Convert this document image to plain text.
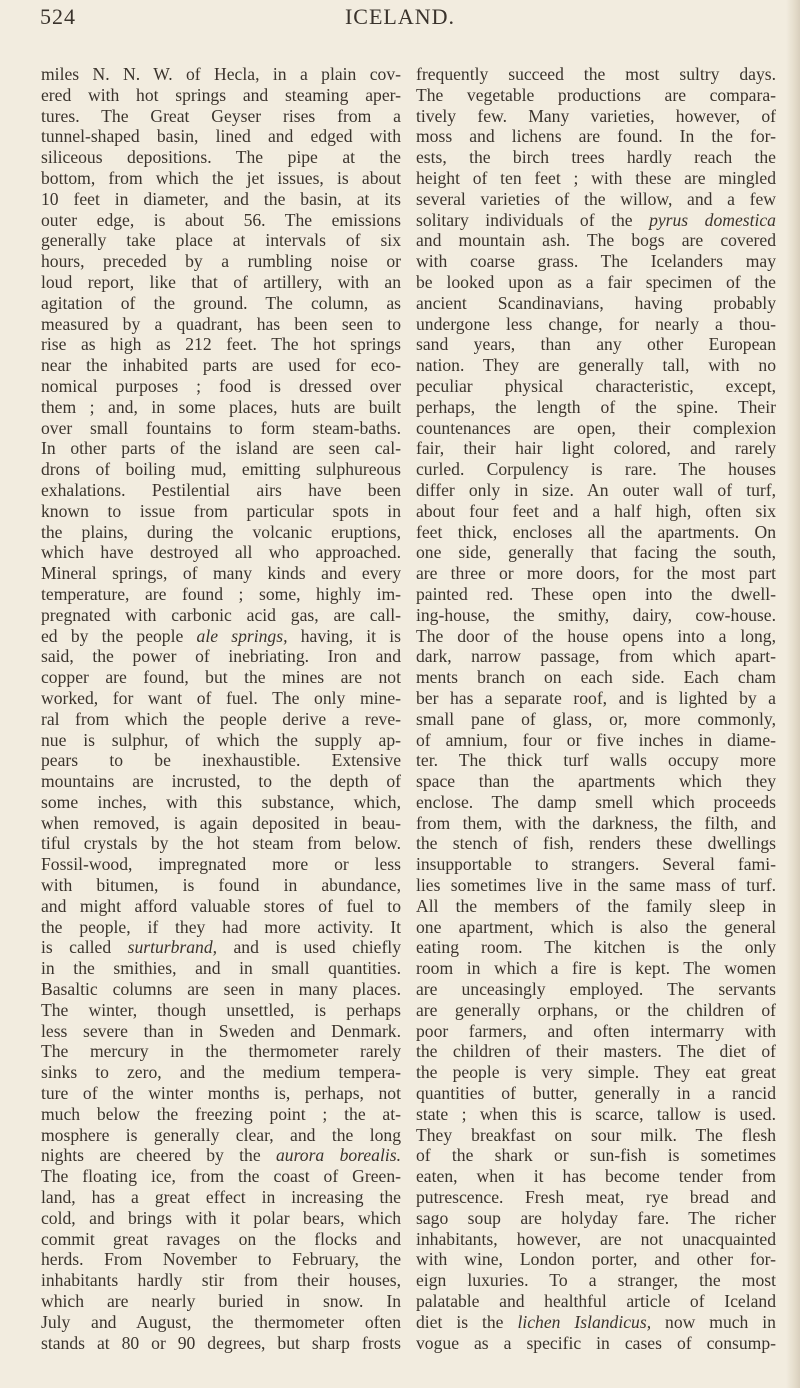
524	ICELAND.
miles N. N. W. of Hecla, in a plain cov-
ered with hot springs and steaming aper-
tures. The Great Geyser rises from a
tunnel-shaped basin, lined and edged with
siliceous depositions. The pipe at the
bottom, from which the jet issues, is about
10 feet in diameter, and the basin, at its
outer edge, is about 56. The emissions
generally take place at intervals of six
hours, preceded by a rumbling noise or
loud report, like that of artillery, with an
agitation of the ground. The column, as
measured by a quadrant, has been seen to
rise as high as 212 feet. The hot springs
near the inhabited parts are used for eco-
nomical purposes ; food is dressed over
them ; and, in some places, huts are built
over small fountains to form steam-baths.
In other parts of the island are seen cal-
drons of boiling mud, emitting sulphureous
exhalations. Pestilential airs have been
known to issue from particular spots in
the plains, during the volcanic eruptions,
which have destroyed all who approached.
Mineral springs, of many kinds and every
temperature, are found ; some, highly im-
pregnated with carbonic acid gas, are call-
ed by the people ale springs, having, it is
said, the power of inebriating. Iron and
copper are found, but the mines are not
worked, for want of fuel. The only mine-
ral from which the people derive a reve-
nue is sulphur, of which the supply ap-
pears to be inexhaustible. Extensive
mountains are incrusted, to the depth of
some inches, with this substance, which,
when removed, is again deposited in beau-
tiful crystals by the hot steam from below.
Fossil-wood, impregnated more or less
with bitumen, is found in abundance,
and might afford valuable stores of fuel to
the people, if they had more activity. It
is called surturbrand, and is used chiefly
in the smithies, and in small quantities.
Basaltic columns are seen in many places.
The winter, though unsettled, is perhaps
less severe than in Sweden and Denmark.
The mercury in the thermometer rarely
sinks to zero, and the medium tempera-
ture of the winter months is, perhaps, not
much below the freezing point ; the at-
mosphere is generally clear, and the long
nights are cheered by the aurora borealis.
The floating ice, from the coast of Green-
land, has a great effect in increasing the
cold, and brings with it polar bears, which
commit great ravages on the flocks and
herds. From November to February, the
inhabitants hardly stir from their houses,
which are nearly buried in snow. In
July and August, the thermometer often
stands at 80 or 90 degrees, but sharp frosts
frequently succeed the most sultry days.
The vegetable productions are compara-
tively few. Many varieties, however, of
moss and lichens are found. In the for-
ests, the birch trees hardly reach the
height of ten feet ; with these are mingled
several varieties of the willow, and a few
solitary individuals of the pyrus domestica
and mountain ash. The bogs are covered
with coarse grass. The Icelanders may
be looked upon as a fair specimen of the
ancient Scandinavians, having probably
undergone less change, for nearly a thou-
sand years, than any other European
nation. They are generally tall, with no
peculiar physical characteristic, except,
perhaps, the length of the spine. Their
countenances are open, their complexion
fair, their hair light colored, and rarely
curled. Corpulency is rare. The houses
differ only in size. An outer wall of turf,
about four feet and a half high, often six
feet thick, encloses all the apartments. On
one side, generally that facing the south,
are three or more doors, for the most part
painted red. These open into the dwell-
ing-house, the smithy, dairy, cow-house.
The door of the house opens into a long,
dark, narrow passage, from which apart-
ments branch on each side. Each cham
ber has a separate roof, and is lighted by a
small pane of glass, or, more commonly,
of amnium, four or five inches in diame-
ter. The thick turf walls occupy more
space than the apartments which they
enclose. The damp smell which proceeds
from them, with the darkness, the filth, and
the stench of fish, renders these dwellings
insupportable to strangers. Several fami-
lies sometimes live in the same mass of turf.
All the members of the family sleep in
one apartment, which is also the general
eating room. The kitchen is the only
room in which a fire is kept. The women
are unceasingly employed. The servants
are generally orphans, or the children of
poor farmers, and often intermarry with
the children of their masters. The diet of
the people is very simple. They eat great
quantities of butter, generally in a rancid
state ; when this is scarce, tallow is used.
They breakfast on sour milk. The flesh
of the shark or sun-fish is sometimes
eaten, when it has become tender from
putrescence. Fresh meat, rye bread and
sago soup are holyday fare. The richer
inhabitants, however, are not unacquainted
with wine, London porter, and other for-
eign luxuries. To a stranger, the most
palatable and healthful article of Iceland
diet is the lichen Islandicus, now much in
vogue as a specific in cases of consump-
